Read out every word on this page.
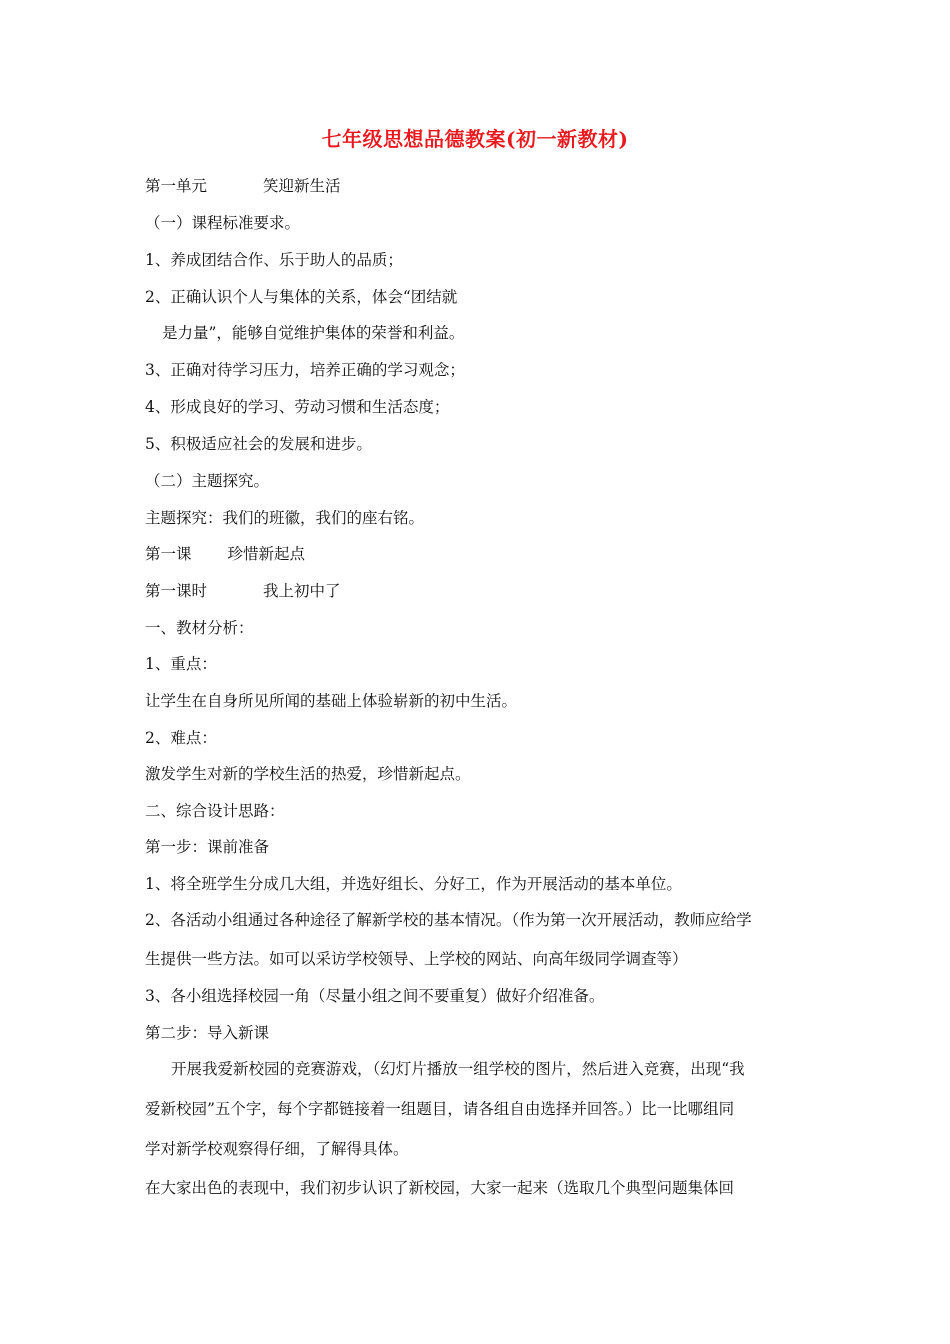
七年级思想品德教案(初一新教材)
第一单元	笑迎新生活
（一）课程标准要求。
1、养成团结合作、乐于助人的品质；
2、正确认识个人与集体的关系，体会“团结就
是力量”，能够自觉维护集体的荣誉和利益。
3、正确对待学习压力，培养正确的学习观念；
4、形成良好的学习、劳动习惯和生活态度；
5、积极适应社会的发展和进步。
（二）主题探究。
主题探究：我们的班徽，我们的座右铭。
第一课 珍惜新起点
第一课时	我上初中了
一、教材分析：
1、重点：
让学生在自身所见所闻的基础上体验崭新的初中生活。
2、难点：
激发学生对新的学校生活的热爱，珍惜新起点。
二、综合设计思路：
第一步：课前准备
1、将全班学生分成几大组，并选好组长、分好工，作为开展活动的基本单位。
2、各活动小组通过各种途径了解新学校的基本情况。（作为第一次开展活动，教师应给学
生提供一些方法。如可以采访学校领导、上学校的网站、向高年级同学调查等）
3、各小组选择校园一角（尽量小组之间不要重复）做好介绍准备。
第二步：导入新课
开展我爱新校园的竞赛游戏，（幻灯片播放一组学校的图片，然后进入竞赛，出现“我
爱新校园”五个字，每个字都链接着一组题目，请各组自由选择并回答。）比一比哪组同
学对新学校观察得仔细，了解得具体。
在大家出色的表现中，我们初步认识了新校园，大家一起来（选取几个典型问题集体回
